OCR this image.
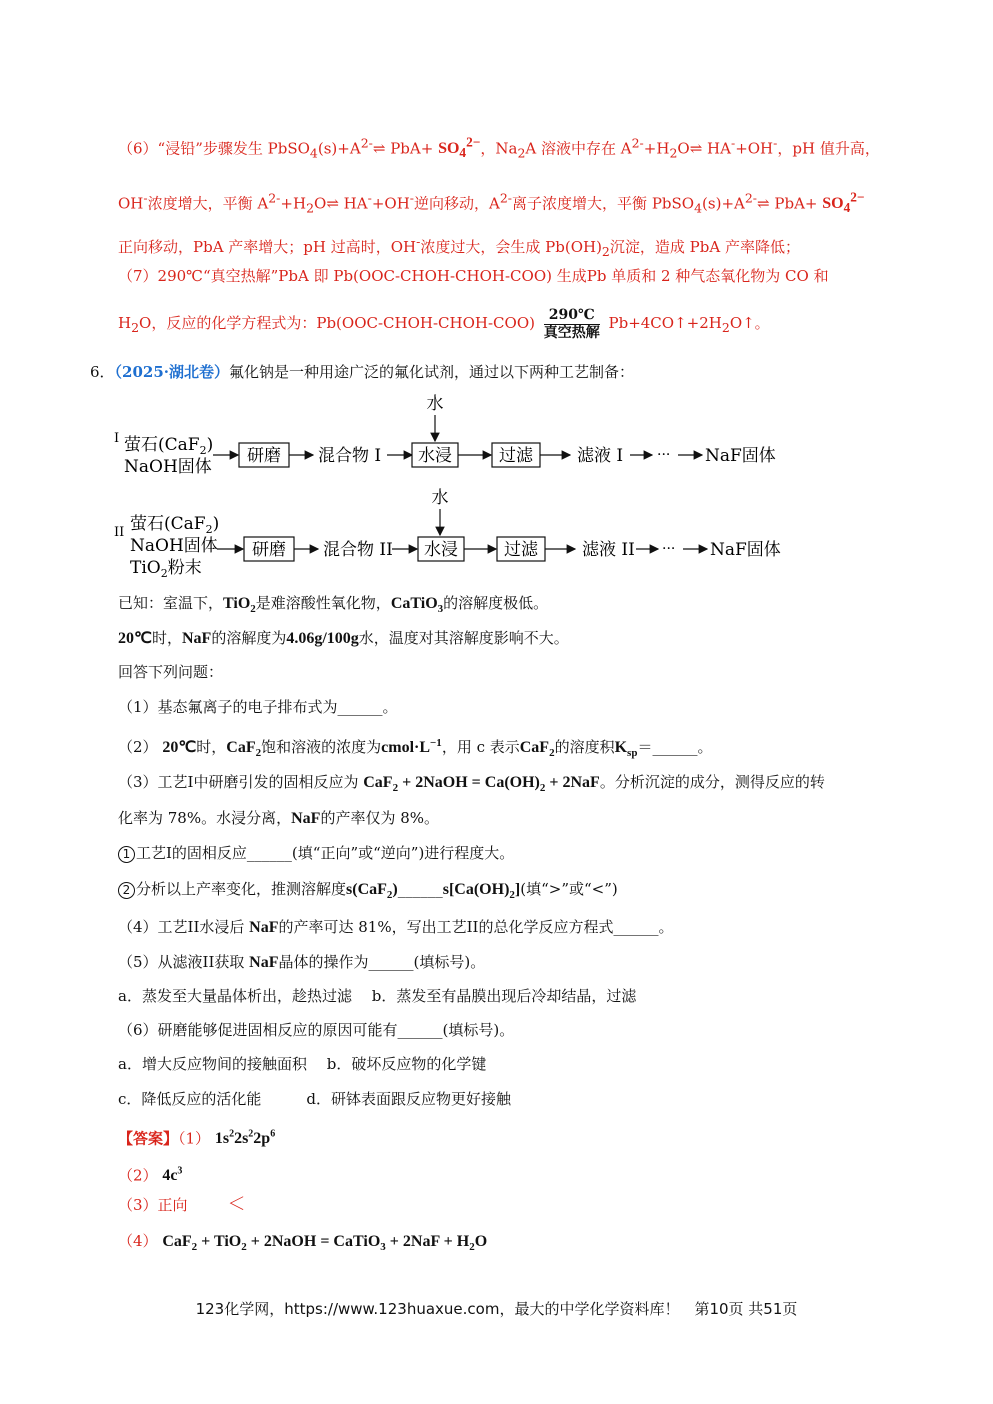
（6）“浸铅”步骤发生 $PbSO_4(s)+A^{2-}\rightleftharpoons$ $PbA+ SO_4^{2-}$，$Na_2A$ 溶液中存在 $A^{2-}+H_2O\rightleftharpoons$ HA-+OH-，pH 值升高，
OH-浓度增大，平衡 $A^{2-}+H_2O\rightleftharpoons$ HA-+OH-逆向移动，$A^{2-}$离子浓度增大，平衡 $PbSO_4(s)+A^{2-}\rightleftharpoons$ $PbA+ SO_4^{2-}$
正向移动，PbA 产率增大；pH 过高时，OH-浓度过大，会生成 $Pb(OH)_2$沉淀，造成 PbA 产率降低；
（7）290℃“真空热解”PbA 即 Pb(OOC-CHOH-CHOH-COO) 生成Pb 单质和 2 种气态氧化物为 CO 和
$H_2O$，反应的化学方程式为：Pb(OOC-CHOH-CHOH-COO) $\frac{290℃}{\text{真空热解}}$ $Pb+4CO↑+2H_2O↑$。
6．（2025·湖北卷）氟化钠是一种用途广泛的氟化试剂，通过以下两种工艺制备：
I 萤石(CaF$_2$)
NaOH固体
研磨 混合物 I
水
水浸	过滤	滤液 I ··· NaF固体
II 萤石(CaF$_2$)
NaOH固体
TiO$_2$粉末
研磨 混合物 II
水
水浸	过滤	滤液 II ··· NaF固体
已知：室温下，TiO$_2$是难溶酸性氧化物，CaTiO$_3$的溶解度极低。
20℃时，NaF的溶解度为4.06g/100g水，温度对其溶解度影响不大。
回答下列问题：
（1）基态氟离子的电子排布式为______。
（2） 20℃时，CaF$_2$饱和溶液的浓度为$cmol\cdot L^{-1}$，用 c 表示CaF$_2$的溶度积$K_{sp}=\_\_\_\_\_\_$。
（3）工艺I中研磨引发的固相反应为 CaF$_2$ + 2NaOH = $Ca(OH)_2 + 2NaF$。分析沉淀的成分，测得反应的转
化率为 78%。水浸分离，NaF的产率仅为 8%。
1 工艺I的固相反应______(填“正向”或“逆向”)进行程度大。
2 分析以上产率变化，推测溶解度$s(CaF_2)\_\_\_\_\_\_s[Ca(OH)_2]$(填“>”或“<”)
（4）工艺II水浸后 NaF的产率可达 81%，写出工艺II的总化学反应方程式______。
（5）从滤液II获取 NaF晶体的操作为______(填标号)。
a．蒸发至大量晶体析出，趁热过滤　 b．蒸发至有晶膜出现后冷却结晶，过滤
（6）研磨能够促进固相反应的原因可能有______(填标号)。
a．增大反应物间的接触面积　 b．破坏反应物的化学键
c．降低反应的活化能　　　d．研钵表面跟反应物更好接触
【答案】（1） $1s^22s^22p^6$
（2） $4c^3$
（3）正向 ＜
（4） CaF$_2$ + TiO$_2$ + 2NaOH = CaTiO$_3$ + $2NaF + H_2O$
123化学网，https://www.123huaxue.com，最大的中学化学资料库！　第10页 共51页
